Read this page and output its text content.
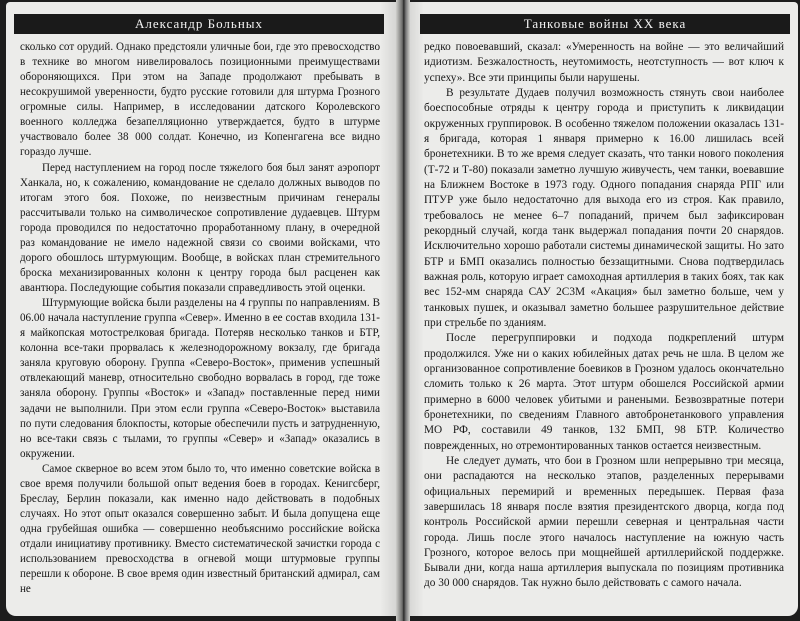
Александр Больных

сколько сот орудий. Однако предстояли уличные бои, где это превосходство в технике во многом нивелировалось позиционными преимуществами обороняющихся. При этом на Западе продолжают пребывать в несокрушимой уверенности, будто русские готовили для штурма Грозного огромные силы. Например, в исследовании датского Королевского военного колледжа безапелляционно утверждается, будто в штурме участвовало более 38 000 солдат. Конечно, из Копенгагена все видно гораздо лучше.

Перед наступлением на город после тяжелого боя был занят аэропорт Ханкала, но, к сожалению, командование не сделало должных выводов по итогам этого боя. Похоже, по неизвестным причинам генералы рассчитывали только на символическое сопротивление дудаевцев. Штурм города проводился по недостаточно проработанному плану, в очередной раз командование не имело надежной связи со своими войсками, что дорого обошлось штурмующим. Вообще, в войсках план стремительного броска механизированных колонн к центру города был расценен как авантюра. Последующие события показали справедливость этой оценки.

Штурмующие войска были разделены на 4 группы по направлениям. В 06.00 начала наступление группа «Север». Именно в ее состав входила 131-я майкопская мотострелковая бригада. Потеряв несколько танков и БТР, колонна все-таки прорвалась к железнодорожному вокзалу, где бригада заняла круговую оборону. Группа «Северо-Восток», применив успешный отвлекающий маневр, относительно свободно ворвалась в город, где тоже заняла оборону. Группы «Восток» и «Запад» поставленные перед ними задачи не выполнили. При этом если группа «Северо-Восток» выставила по пути следования блокпосты, которые обеспечили пусть и затрудненную, но все-таки связь с тылами, то группы «Север» и «Запад» оказались в окружении.

Самое скверное во всем этом было то, что именно советские войска в свое время получили большой опыт ведения боев в городах. Кенигсберг, Бреслау, Берлин показали, как именно надо действовать в подобных случаях. Но этот опыт оказался совершенно забыт. И была допущена еще одна грубейшая ошибка — совершенно необъяснимо российские войска отдали инициативу противнику. Вместо систематической зачистки города с использованием превосходства в огневой мощи штурмовые группы перешли к обороне. В свое время один известный британский адмирал, сам не

Танковые войны XX века

редко повоевавший, сказал: «Умеренность на войне — это величайший идиотизм. Безжалостность, неутомимость, неотступность — вот ключ к успеху». Все эти принципы были нарушены.

В результате Дудаев получил возможность стянуть свои наиболее боеспособные отряды к центру города и приступить к ликвидации окруженных группировок. В особенно тяжелом положении оказалась 131-я бригада, которая 1 января примерно к 16.00 лишилась всей бронетехники. В то же время следует сказать, что танки нового поколения (Т-72 и Т-80) показали заметно лучшую живучесть, чем танки, воевавшие на Ближнем Востоке в 1973 году. Одного попадания снаряда РПГ или ПТУР уже было недостаточно для выхода его из строя. Как правило, требовалось не менее 6–7 попаданий, причем был зафиксирован рекордный случай, когда танк выдержал попадания почти 20 снарядов. Исключительно хорошо работали системы динамической защиты. Но зато БТР и БМП оказались полностью беззащитными. Снова подтвердилась важная роль, которую играет самоходная артиллерия в таких боях, так как вес 152-мм снаряда САУ 2С3М «Акация» был заметно больше, чем у танковых пушек, и оказывал заметно большее разрушительное действие при стрельбе по зданиям.

После перегруппировки и подхода подкреплений штурм продолжился. Уже ни о каких юбилейных датах речь не шла. В целом же организованное сопротивление боевиков в Грозном удалось окончательно сломить только к 26 марта. Этот штурм обошелся Российской армии примерно в 6000 человек убитыми и ранеными. Безвозвратные потери бронетехники, по сведениям Главного автобронетанкового управления МО РФ, составили 49 танков, 132 БМП, 98 БТР. Количество поврежденных, но отремонтированных танков остается неизвестным.

Не следует думать, что бои в Грозном шли непрерывно три месяца, они распадаются на несколько этапов, разделенных перерывами официальных перемирий и временных передышек. Первая фаза завершилась 18 января после взятия президентского дворца, когда под контроль Российской армии перешли северная и центральная части города. Лишь после этого началось наступление на южную часть Грозного, которое велось при мощнейшей артиллерийской поддержке. Бывали дни, когда наша артиллерия выпускала по позициям противника до 30 000 снарядов. Так нужно было действовать с самого начала.
